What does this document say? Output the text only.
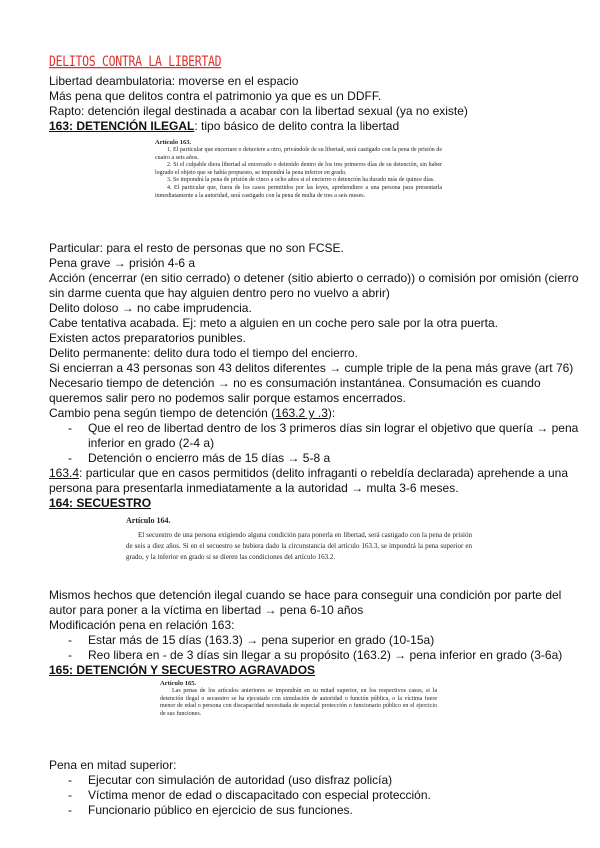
DELITOS CONTRA LA LIBERTAD
Libertad deambulatoria: moverse en el espacio
Más pena que delitos contra el patrimonio ya que es un DDFF.
Rapto: detención ilegal destinada a acabar con la libertad sexual (ya no existe)
163: DETENCIÓN ILEGAL: tipo básico de delito contra la libertad
Artículo 163.

1. El particular que encerrare o detuviere a otro, privándole de su libertad, será castigado con la pena de prisión de cuatro a seis años.

2. Si el culpable diera libertad al encerrado o detenido dentro de los tres primeros días de su detención, sin haber logrado el objeto que se había propuesto, se impondrá la pena inferior en grado.

3. Se impondrá la pena de prisión de cinco a ocho años si el encierro o detención ha durado más de quince días.

4. El particular que, fuera de los casos permitidos por las leyes, aprehendiere a una persona para presentarla inmediatamente a la autoridad, será castigado con la pena de multa de tres a seis meses.

Particular: para el resto de personas que no son FCSE.
Pena grave → prisión 4-6 a
Acción (encerrar (en sitio cerrado) o detener (sitio abierto o cerrado)) o comisión por omisión (cierro
sin darme cuenta que hay alguien dentro pero no vuelvo a abrir)
Delito doloso → no cabe imprudencia.
Cabe tentativa acabada. Ej: meto a alguien en un coche pero sale por la otra puerta.
Existen actos preparatorios punibles.
Delito permanente: delito dura todo el tiempo del encierro.
Si encierran a 43 personas son 43 delitos diferentes → cumple triple de la pena más grave (art 76)
Necesario tiempo de detención → no es consumación instantánea. Consumación es cuando
queremos salir pero no podemos salir porque estamos encerrados.
Cambio pena según tiempo de detención (163.2 y .3):
- Que el reo de libertad dentro de los 3 primeros días sin lograr el objetivo que quería → pena
inferior en grado (2-4 a)
- Detención o encierro más de 15 días → 5-8 a
163.4: particular que en casos permitidos (delito infraganti o rebeldía declarada) aprehende a una
persona para presentarla inmediatamente a la autoridad → multa 3-6 meses.
164: SECUESTRO
Artículo 164.

El secuestro de una persona exigiendo alguna condición para ponerla en libertad, será castigado con la pena de prisión de seis a diez años. Si en el secuestro se hubiera dado la circunstancia del artículo 163.3, se impondrá la pena superior en grado, y la inferior en grado si se dieren las condiciones del artículo 163.2.

Mismos hechos que detención ilegal cuando se hace para conseguir una condición por parte del
autor para poner a la víctima en libertad → pena 6-10 años
Modificación pena en relación 163:
- Estar más de 15 días (163.3) → pena superior en grado (10-15a)
- Reo libera en - de 3 días sin llegar a su propósito (163.2) → pena inferior en grado (3-6a)
165: DETENCIÓN Y SECUESTRO AGRAVADOS
Artículo 165.

Las penas de los artículos anteriores se impondrán en su mitad superior, en los respectivos casos, si la detención ilegal o secuestro se ha ejecutado con simulación de autoridad o función pública, o la víctima fuere menor de edad o persona con discapacidad necesitada de especial protección o funcionario público en el ejercicio de sus funciones.

Pena en mitad superior:
- Ejecutar con simulación de autoridad (uso disfraz policía)
- Víctima menor de edad o discapacitado con especial protección.
- Funcionario público en ejercicio de sus funciones.
